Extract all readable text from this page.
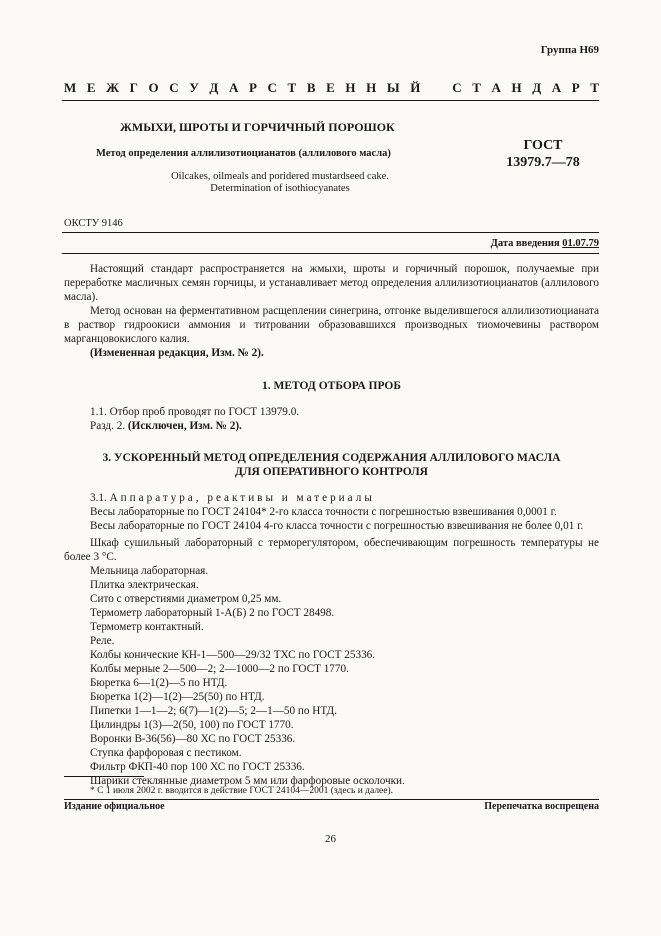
Группа Н69
М Е Ж Г О С У Д А Р С Т В Е Н Н Ы Й С Т А Н Д А Р Т
ЖМЫХИ, ШРОТЫ И ГОРЧИЧНЫЙ ПОРОШОК
Метод определения аллилизотиоцианатов (аллилового масла)
ГОСТ
13979.7—78
Oilcakes, oilmeals and poridered mustardseed cake.
Determination of isothiocyanates
ОКСТУ 9146
Дата введения 01.07.79

Настоящий стандарт распространяется на жмыхи, шроты и горчичный порошок, получаемые при переработке масличных семян горчицы, и устанавливает метод определения аллилизотиоцианатов (аллилового масла).

Метод основан на ферментативном расщеплении синегрина, отгонке выделившегося аллилизотиоцианата в раствор гидроокиси аммония и титровании образовавшихся производных тиомочевины раствором марганцовокислого калия.

(Измененная редакция, Изм. № 2).

1. МЕТОД ОТБОРА ПРОБ

1.1. Отбор проб проводят по ГОСТ 13979.0.

Разд. 2. (Исключен, Изм. № 2).

3. УСКОРЕННЫЙ МЕТОД ОПРЕДЕЛЕНИЯ СОДЕРЖАНИЯ АЛЛИЛОВОГО МАСЛА

ДЛЯ ОПЕРАТИВНОГО КОНТРОЛЯ

3.1. Аппаратура, реактивы и материалы

Весы лабораторные по ГОСТ 24104* 2-го класса точности с погрешностью взвешивания 0,0001 г.

Весы лабораторные по ГОСТ 24104 4-го класса точности с погрешностью взвешивания не более 0,01 г.

Шкаф сушильный лабораторный с терморегулятором, обеспечивающим погрешность температуры не более 3 °С.

Мельница лабораторная.

Плитка электрическая.

Сито с отверстиями диаметром 0,25 мм.

Термометр лабораторный 1-А(Б) 2 по ГОСТ 28498.

Термометр контактный.

Реле.

Колбы конические КН-1—500—29/32 ТХС по ГОСТ 25336.

Колбы мерные 2—500—2; 2—1000—2 по ГОСТ 1770.

Бюретка 6—1(2)—5 по НТД.

Бюретка 1(2)—1(2)—25(50) по НТД.

Пипетки 1—1—2; 6(7)—1(2)—5; 2—1—50 по НТД.

Цилиндры 1(3)—2(50, 100) по ГОСТ 1770.

Воронки В-36(56)—80 ХС по ГОСТ 25336.

Ступка фарфоровая с пестиком.

Фильтр ФКП-40 пор 100 ХС по ГОСТ 25336.

Шарики стеклянные диаметром 5 мм или фарфоровые осколочки.

* С 1 июля 2002 г. вводится в действие ГОСТ 24104—2001 (здесь и далее).
Издание официальное	Перепечатка воспрещена
26
